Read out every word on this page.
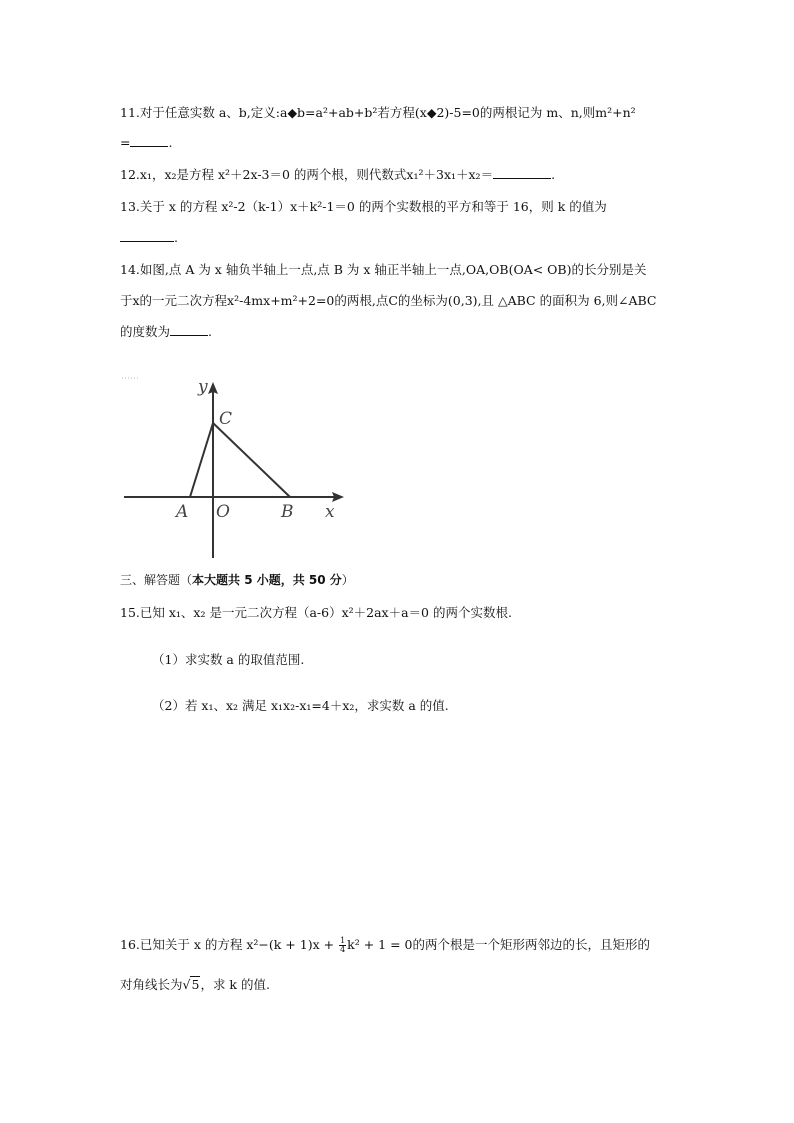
11.对于任意实数 a、b,定义:a◆b=a²+ab+b²若方程(x◆2)-5=0的两根记为 m、n,则m²+n²
=	.
12.x₁，x₂是方程 x²＋2x-3＝0 的两个根，则代数式x₁²＋3x₁＋x₂＝	.
13.关于 x 的方程 x²-2（k-1）x＋k²-1＝0 的两个实数根的平方和等于 16，则 k 的值为
.
14.如图,点 A 为 x 轴负半轴上一点,点 B 为 x 轴正半轴上一点,OA,OB(OA< OB)的长分别是关
于x的一元二次方程x²-4mx+m²+2=0的两根,点C的坐标为(0,3),且 △ABC 的面积为 6,则∠ABC
的度数为	.
y
C
A O	B x
三、解答题（本大题共 5 小题，共 50 分）
15.已知 x₁、x₂ 是一元二次方程（a-6）x²＋2ax＋a＝0 的两个实数根.
（1）求实数 a 的取值范围.
（2）若 x₁、x₂ 满足 x₁x₂-x₁=4＋x₂，求实数 a 的值.
16.已知关于 x 的方程 $x^2-(k + 1)x + \frac{1}{4} k^2 + 1 = 0$的两个根是一个矩形两邻边的长，且矩形的
对角线长为√5，求 k 的值.
